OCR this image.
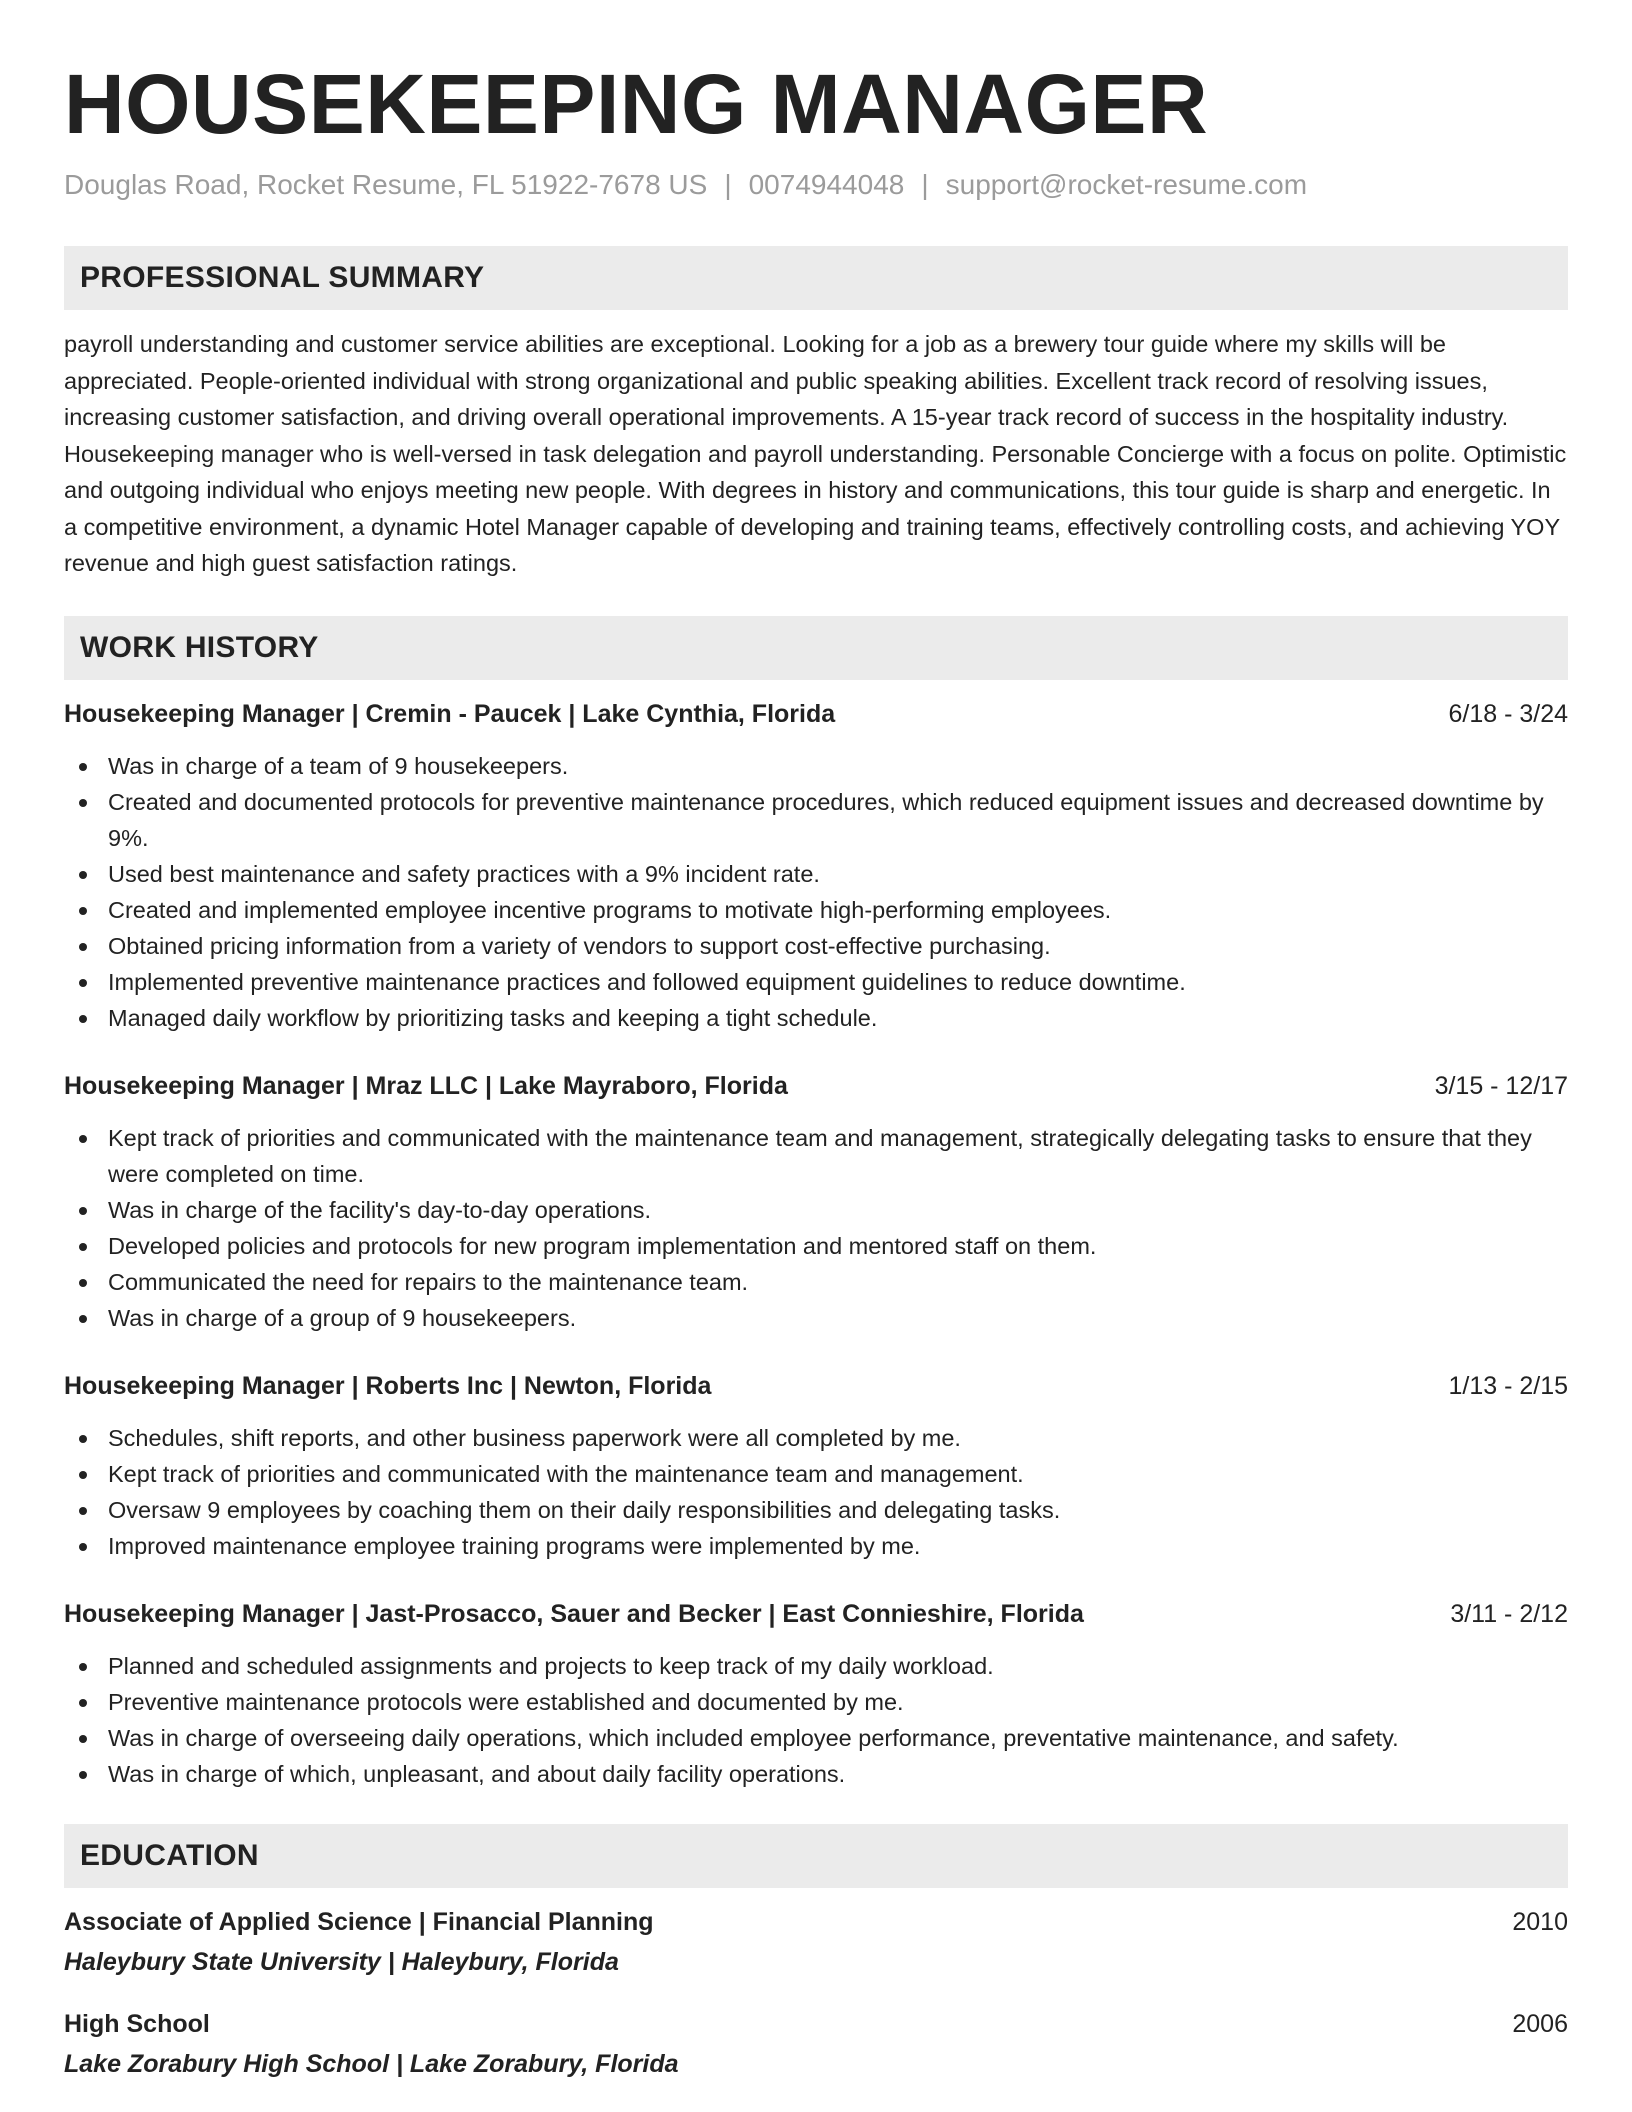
HOUSEKEEPING MANAGER
Douglas Road, Rocket Resume, FL 51922-7678 US | 0074944048 | support@rocket-resume.com
PROFESSIONAL SUMMARY
payroll understanding and customer service abilities are exceptional. Looking for a job as a brewery tour guide where my skills will be appreciated. People-oriented individual with strong organizational and public speaking abilities. Excellent track record of resolving issues, increasing customer satisfaction, and driving overall operational improvements. A 15-year track record of success in the hospitality industry. Housekeeping manager who is well-versed in task delegation and payroll understanding. Personable Concierge with a focus on polite. Optimistic and outgoing individual who enjoys meeting new people. With degrees in history and communications, this tour guide is sharp and energetic. In a competitive environment, a dynamic Hotel Manager capable of developing and training teams, effectively controlling costs, and achieving YOY revenue and high guest satisfaction ratings.
WORK HISTORY
Housekeeping Manager | Cremin - Paucek | Lake Cynthia, Florida	6/18 - 3/24
Was in charge of a team of 9 housekeepers.
Created and documented protocols for preventive maintenance procedures, which reduced equipment issues and decreased downtime by 9%.
Used best maintenance and safety practices with a 9% incident rate.
Created and implemented employee incentive programs to motivate high-performing employees.
Obtained pricing information from a variety of vendors to support cost-effective purchasing.
Implemented preventive maintenance practices and followed equipment guidelines to reduce downtime.
Managed daily workflow by prioritizing tasks and keeping a tight schedule.
Housekeeping Manager | Mraz LLC | Lake Mayraboro, Florida	3/15 - 12/17
Kept track of priorities and communicated with the maintenance team and management, strategically delegating tasks to ensure that they were completed on time.
Was in charge of the facility's day-to-day operations.
Developed policies and protocols for new program implementation and mentored staff on them.
Communicated the need for repairs to the maintenance team.
Was in charge of a group of 9 housekeepers.
Housekeeping Manager | Roberts Inc | Newton, Florida	1/13 - 2/15
Schedules, shift reports, and other business paperwork were all completed by me.
Kept track of priorities and communicated with the maintenance team and management.
Oversaw 9 employees by coaching them on their daily responsibilities and delegating tasks.
Improved maintenance employee training programs were implemented by me.
Housekeeping Manager | Jast-Prosacco, Sauer and Becker | East Connieshire, Florida	3/11 - 2/12
Planned and scheduled assignments and projects to keep track of my daily workload.
Preventive maintenance protocols were established and documented by me.
Was in charge of overseeing daily operations, which included employee performance, preventative maintenance, and safety.
Was in charge of which, unpleasant, and about daily facility operations.
EDUCATION
Associate of Applied Science | Financial Planning	2010
Haleybury State University | Haleybury, Florida
High School	2006
Lake Zorabury High School | Lake Zorabury, Florida
